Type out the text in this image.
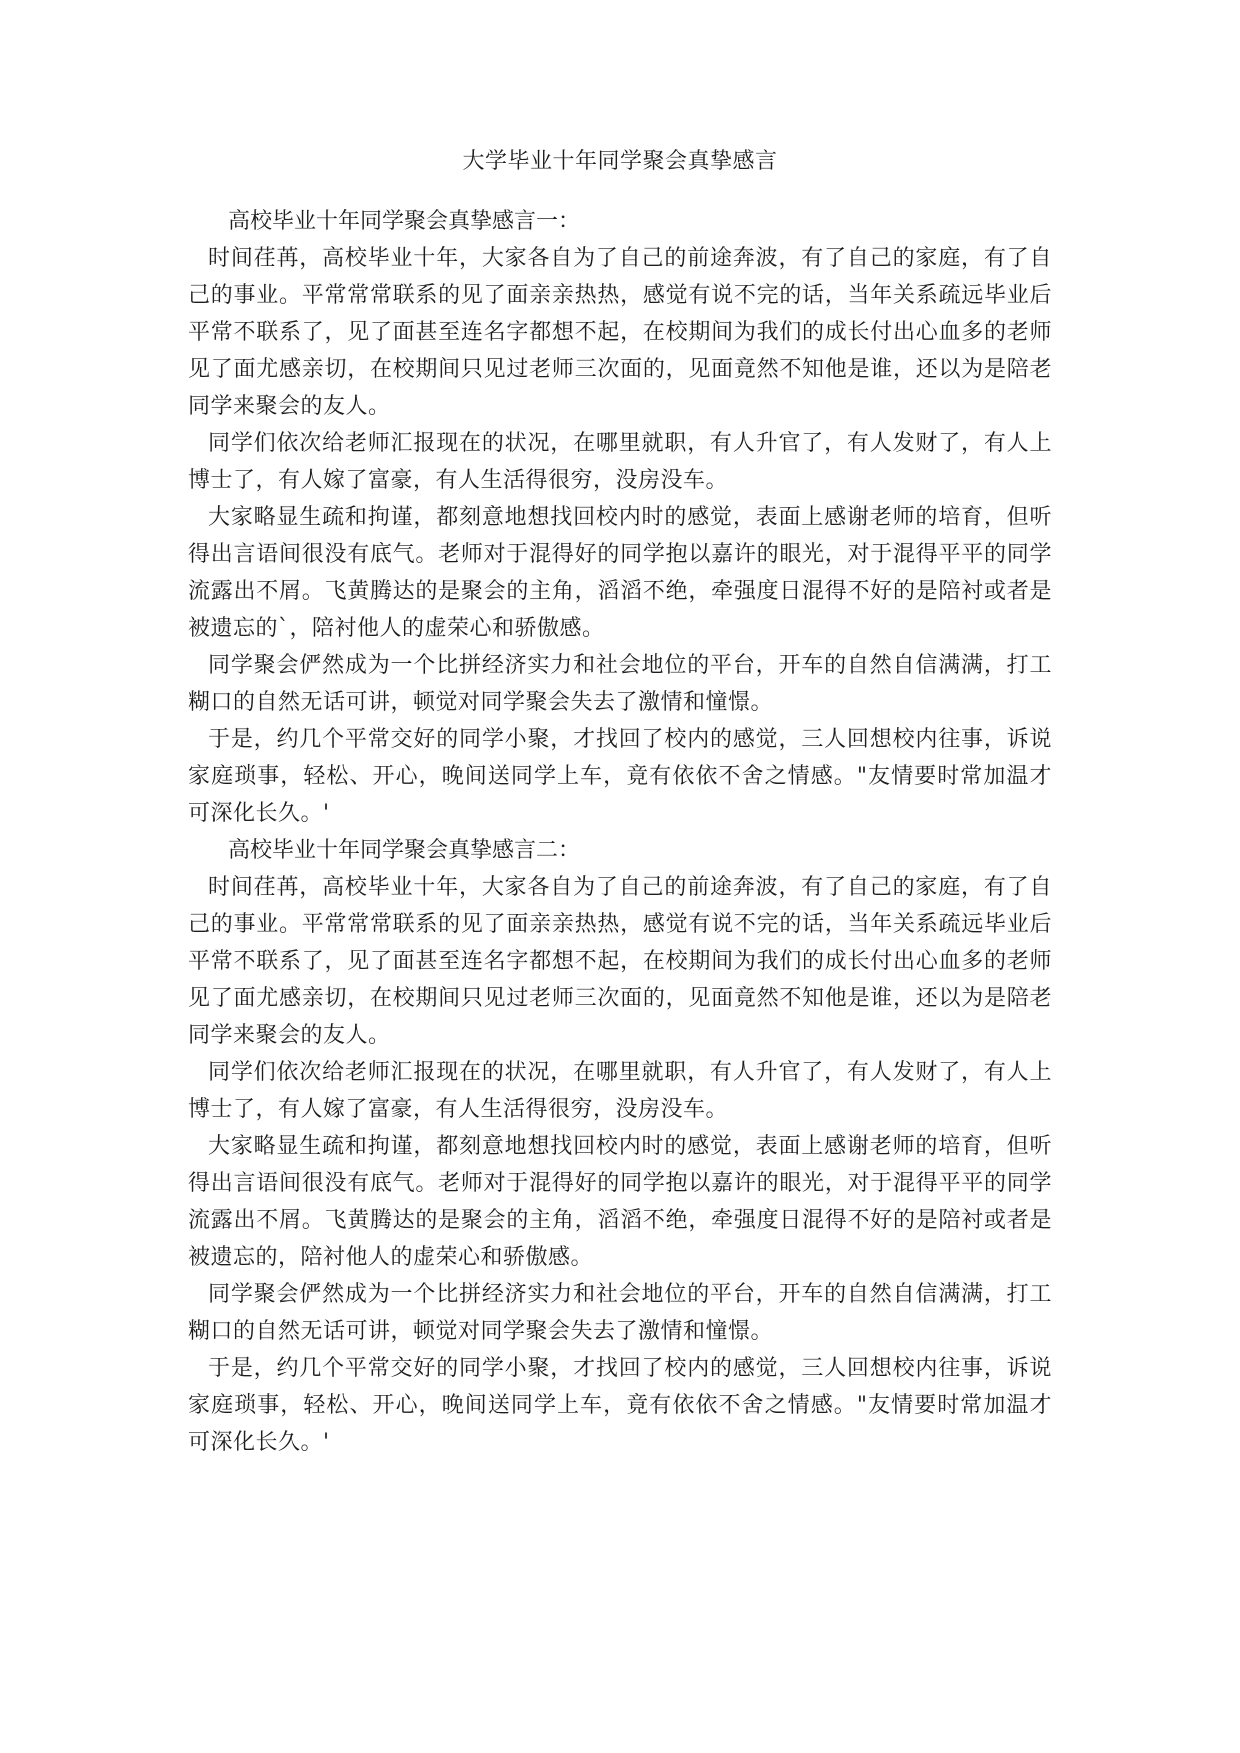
大学毕业十年同学聚会真挚感言

高校毕业十年同学聚会真挚感言一：

时间荏苒，高校毕业十年，大家各自为了自己的前途奔波，有了自己的家庭，有了自己的事业。平常常常联系的见了面亲亲热热，感觉有说不完的话，当年关系疏远毕业后平常不联系了，见了面甚至连名字都想不起，在校期间为我们的成长付出心血多的老师见了面尤感亲切，在校期间只见过老师三次面的，见面竟然不知他是谁，还以为是陪老同学来聚会的友人。

同学们依次给老师汇报现在的状况，在哪里就职，有人升官了，有人发财了，有人上博士了，有人嫁了富豪，有人生活得很穷，没房没车。

大家略显生疏和拘谨，都刻意地想找回校内时的感觉，表面上感谢老师的培育，但听得出言语间很没有底气。老师对于混得好的同学抱以嘉许的眼光，对于混得平平的同学流露出不屑。飞黄腾达的是聚会的主角，滔滔不绝，牵强度日混得不好的是陪衬或者是被遗忘的`，陪衬他人的虚荣心和骄傲感。

同学聚会俨然成为一个比拼经济实力和社会地位的平台，开车的自然自信满满，打工糊口的自然无话可讲，顿觉对同学聚会失去了激情和憧憬。

于是，约几个平常交好的同学小聚，才找回了校内的感觉，三人回想校内往事，诉说家庭琐事，轻松、开心，晚间送同学上车，竟有依依不舍之情感。"友情要时常加温才可深化长久。'

高校毕业十年同学聚会真挚感言二：

时间荏苒，高校毕业十年，大家各自为了自己的前途奔波，有了自己的家庭，有了自己的事业。平常常常联系的见了面亲亲热热，感觉有说不完的话，当年关系疏远毕业后平常不联系了，见了面甚至连名字都想不起，在校期间为我们的成长付出心血多的老师见了面尤感亲切，在校期间只见过老师三次面的，见面竟然不知他是谁，还以为是陪老同学来聚会的友人。

同学们依次给老师汇报现在的状况，在哪里就职，有人升官了，有人发财了，有人上博士了，有人嫁了富豪，有人生活得很穷，没房没车。

大家略显生疏和拘谨，都刻意地想找回校内时的感觉，表面上感谢老师的培育，但听得出言语间很没有底气。老师对于混得好的同学抱以嘉许的眼光，对于混得平平的同学流露出不屑。飞黄腾达的是聚会的主角，滔滔不绝，牵强度日混得不好的是陪衬或者是被遗忘的，陪衬他人的虚荣心和骄傲感。

同学聚会俨然成为一个比拼经济实力和社会地位的平台，开车的自然自信满满，打工糊口的自然无话可讲，顿觉对同学聚会失去了激情和憧憬。

于是，约几个平常交好的同学小聚，才找回了校内的感觉，三人回想校内往事，诉说家庭琐事，轻松、开心，晚间送同学上车，竟有依依不舍之情感。"友情要时常加温才可深化长久。'
